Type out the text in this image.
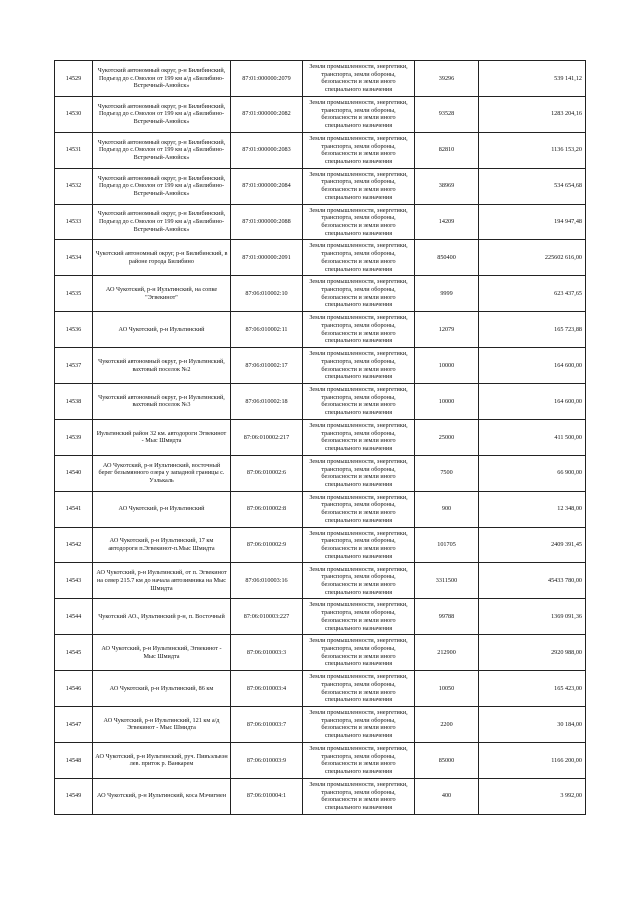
14529	Чукотский автономный округ, р-н Билибинский, Подъезд до с.Омолон от 199 км а/д «Билибино-Встречный-Анюйск»	87:01:000000:2079	Земли промышленности, энергетики, транспорта, земли обороны, безопасности и земли иного специального назначения	39296	539 141,12
14530	Чукотский автономный округ, р-н Билибинский, Подъезд до с.Омолон от 199 км а/д «Билибино-Встречный-Анюйск»	87:01:000000:2082	Земли промышленности, энергетики, транспорта, земли обороны, безопасности и земли иного специального назначения	93528	1283 204,16
14531	Чукотский автономный округ, р-н Билибинский, Подъезд до с.Омолон от 199 км а/д «Билибино-Встречный-Анюйск»	87:01:000000:2083	Земли промышленности, энергетики, транспорта, земли обороны, безопасности и земли иного специального назначения	82810	1136 153,20
14532	Чукотский автономный округ, р-н Билибинский, Подъезд до с.Омолон от 199 км а/д «Билибино-Встречный-Анюйск»	87:01:000000:2084	Земли промышленности, энергетики, транспорта, земли обороны, безопасности и земли иного специального назначения	38969	534 654,68
14533	Чукотский автономный округ, р-н Билибинский, Подъезд до с.Омолон от 199 км а/д «Билибино-Встречный-Анюйск»	87:01:000000:2088	Земли промышленности, энергетики, транспорта, земли обороны, безопасности и земли иного специального назначения	14209	194 947,48
14534	Чукотский автономный округ, р-н Билибинский, в районе города Билибино	87:01:000000:2091	Земли промышленности, энергетики, транспорта, земли обороны, безопасности и земли иного специального назначения	850400	225602 616,00
14535	АО Чукотский, р-н Иультинский, на сопке "Эгвекинот"	87:06:010002:10	Земли промышленности, энергетики, транспорта, земли обороны, безопасности и земли иного специального назначения	9999	623 437,65
14536	АО Чукотский, р-н Иультинский	87:06:010002:11	Земли промышленности, энергетики, транспорта, земли обороны, безопасности и земли иного специального назначения	12079	165 723,88
14537	Чукотский автономный округ, р-н Иультинский, вахтовый поселок №2	87:06:010002:17	Земли промышленности, энергетики, транспорта, земли обороны, безопасности и земли иного специального назначения	10000	164 600,00
14538	Чукотский автономный округ, р-н Иультинский, вахтовый поселок №3	87:06:010002:18	Земли промышленности, энергетики, транспорта, земли обороны, безопасности и земли иного специального назначения	10000	164 600,00
14539	Иультинский район 32 км. автодороги Эгвекинот - Мыс Шмидта	87:06:010002:217	Земли промышленности, энергетики, транспорта, земли обороны, безопасности и земли иного специального назначения	25000	411 500,00
14540	АО Чукотский, р-н Иультинский, восточный берег безымянного озера у западной границы с. Уэлькаль	87:06:010002:6	Земли промышленности, энергетики, транспорта, земли обороны, безопасности и земли иного специального назначения	7500	66 900,00
14541	АО Чукотский, р-н Иультинский	87:06:010002:8	Земли промышленности, энергетики, транспорта, земли обороны, безопасности и земли иного специального назначения	900	12 348,00
14542	АО Чукотский, р-н Иультинский, 17 км автодороги п.Эгвекинот-п.Мыс Шмидта	87:06:010002:9	Земли промышленности, энергетики, транспорта, земли обороны, безопасности и земли иного специального назначения	101705	2409 391,45
14543	АО Чукотский, р-н Иультинский, от п. Эгвекинот на север 215.7 км до начала автозимника на Мыс Шмидта	87:06:010003:16	Земли промышленности, энергетики, транспорта, земли обороны, безопасности и земли иного специального назначения	3311500	45433 780,00
14544	Чукотский АО., Иультинский р-н, п. Восточный	87:06:010003:227	Земли промышленности, энергетики, транспорта, земли обороны, безопасности и земли иного специального назначения	99788	1369 091,36
14545	АО Чукотский, р-н Иультинский, Эгвекинот - Мыс Шмидта	87:06:010003:3	Земли промышленности, энергетики, транспорта, земли обороны, безопасности и земли иного специального назначения	212900	2920 988,00
14546	АО Чукотский, р-н Иультинский, 86 км	87:06:010003:4	Земли промышленности, энергетики, транспорта, земли обороны, безопасности и земли иного специального назначения	10050	165 423,00
14547	АО Чукотский, р-н Иультинский, 121 км а/д Эгвекинот - Мыс Шмидта	87:06:010003:7	Земли промышленности, энергетики, транспорта, земли обороны, безопасности и земли иного специального назначения	2200	30 184,00
14548	АО Чукотский, р-н Иультинский, руч. Пивъэльвэн лев. приток р. Ванкарем	87:06:010003:9	Земли промышленности, энергетики, транспорта, земли обороны, безопасности и земли иного специального назначения	85000	1166 200,00
14549	АО Чукотский, р-н Иультинский, коса Мэчигмен	87:06:010004:1	Земли промышленности, энергетики, транспорта, земли обороны, безопасности и земли иного специального назначения	400	3 992,00
